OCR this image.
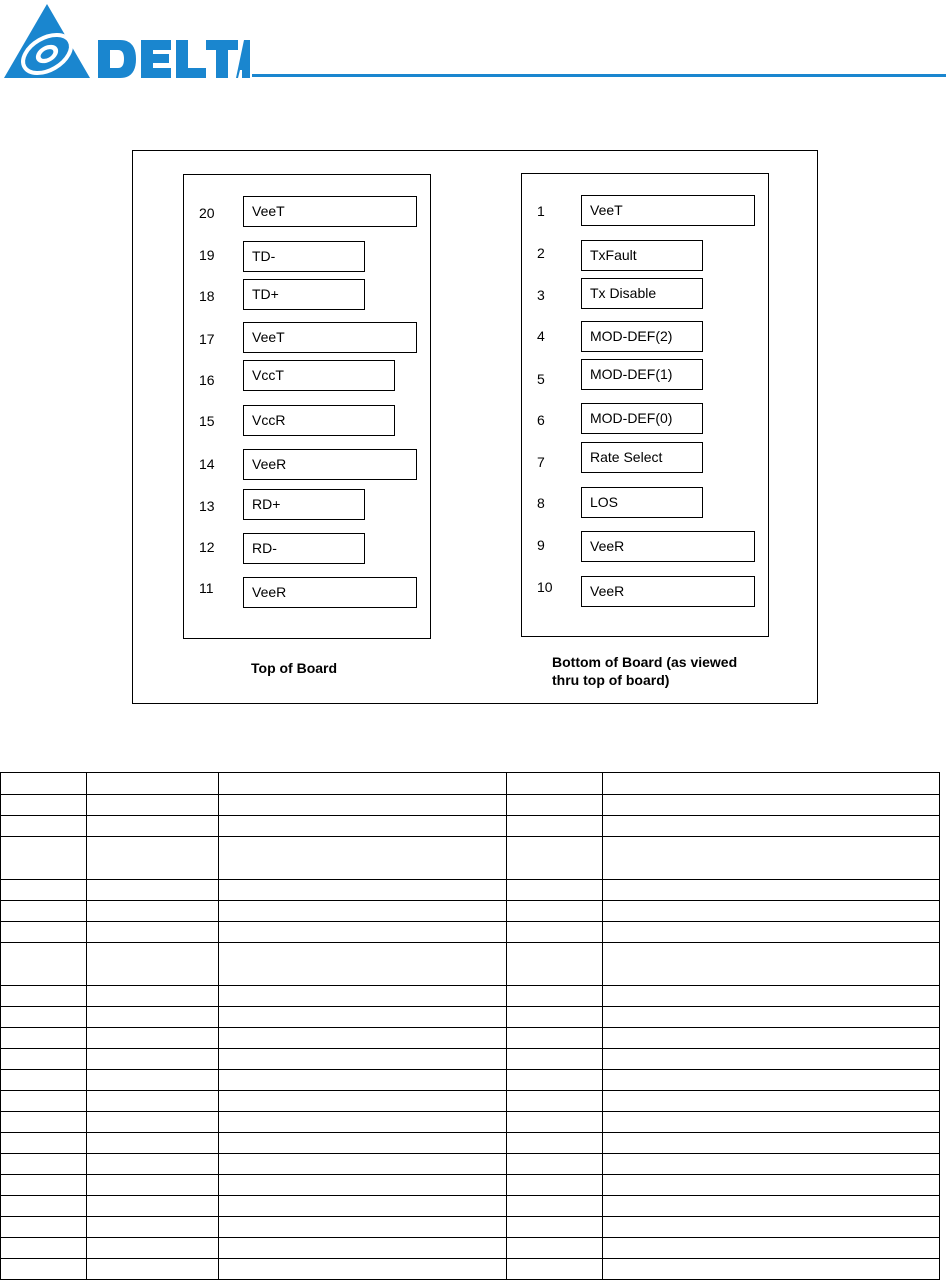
20	VeeT
19	TD-
18	TD+
17	VeeT
16	VccT
15	VccR
14	VeeR
13	RD+
12	RD-
11	VeeR
Top of Board
1	VeeT
2	TxFault
3	Tx Disable
4	MOD-DEF(2)
5	MOD-DEF(1)
6	MOD-DEF(0)
7	Rate Select
8	LOS
9	VeeR
10	VeeR
Bottom of Board (as viewed
thru top of board)
